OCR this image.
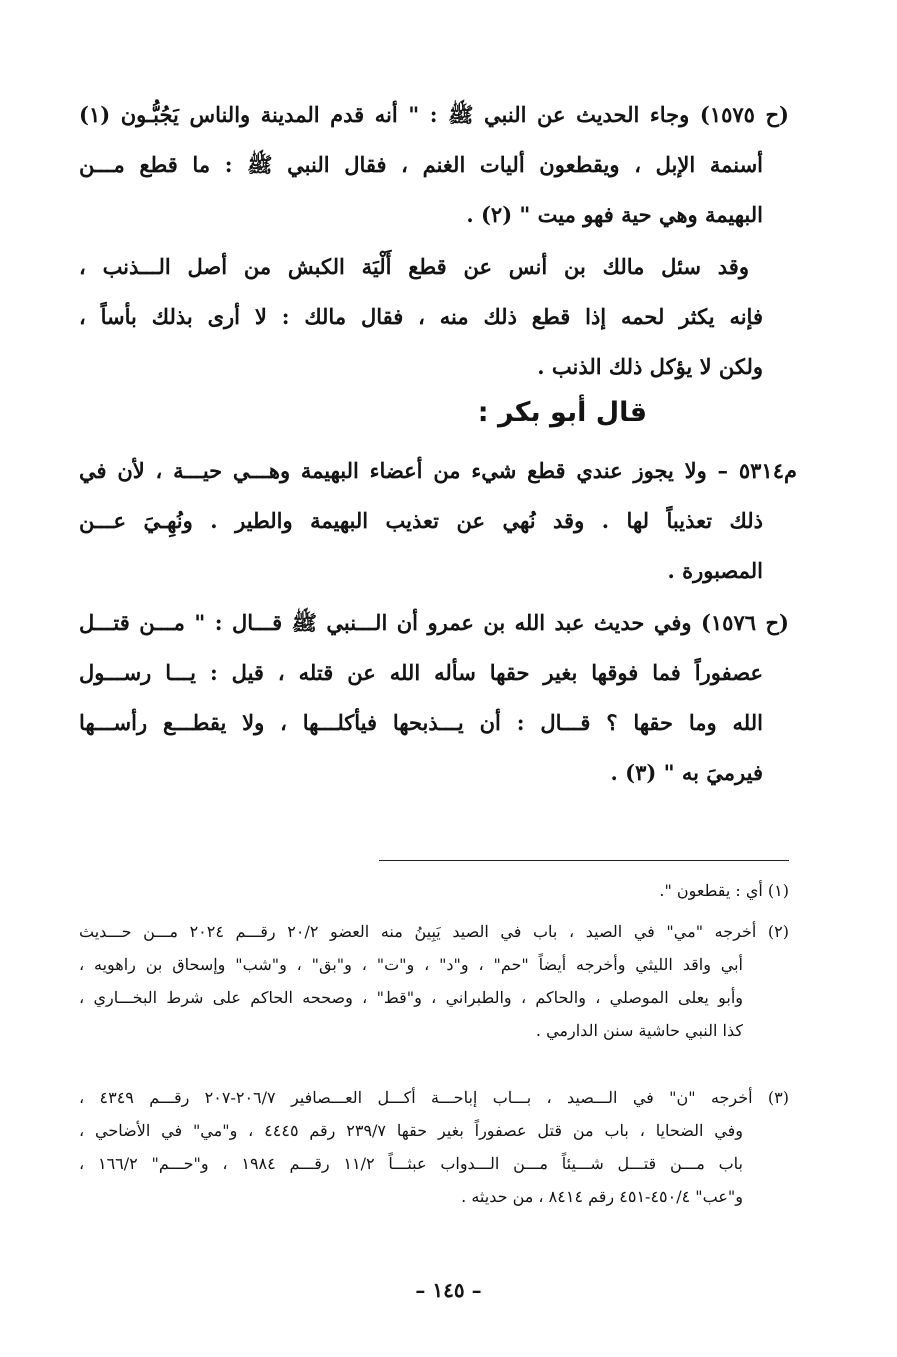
(ح ١٥٧٥) وجاء الحديث عن النبي ﷺ : " أنه قدم المدينة والناس يَجُبُّـون (١)
أسنمة الإبل ، ويقطعون أليات الغنم ، فقال النبي ﷺ : ما قطع مـــن
البهيمة وهي حية فهو ميت " (٢) .
وقد سئل مالك بن أنس عن قطع أَلْيَة الكبش من أصل الـــذنب ،
فإنه يكثر لحمه إذا قطع ذلك منه ، فقال مالك : لا أرى بذلك بأساً ،
ولكن لا يؤكل ذلك الذنب .
قال أبو بكر :
م٥٣١٤ – ولا يجوز عندي قطع شيء من أعضاء البهيمة وهـــي حيـــة ، لأن في
ذلك تعذيباً لها . وقد نُهي عن تعذيب البهيمة والطير . ونُهِـيَ عـــن
المصبورة .
(ح ١٥٧٦) وفي حديث عبد الله بن عمرو أن الـــنبي ﷺ قـــال : " مـــن قتـــل
عصفوراً فما فوقها بغير حقها سأله الله عن قتله ، قيل : يـــا رســـول
الله وما حقها ؟ قـــال : أن يـــذبحها فيأكلـــها ، ولا يقطـــع رأســـها
فيرميَ به " (٣) .
(١) أي : يقطعون ".
(٢) أخرجه "مي" في الصيد ، باب في الصيد يَبِينُ منه العضو ٢٠/٢ رقـــم ٢٠٢٤ مـــن حـــديث
أبي واقد الليثي وأخرجه أيضاً "حم" ، و"د" ، و"ت" ، و"بق" ، و"شب" وإسحاق بن راهويه ،
وأبو يعلى الموصلي ، والحاكم ، والطبراني ، و"قط" ، وصححه الحاكم على شرط البخـــاري ،
كذا النبي حاشية سنن الدارمي .
(٣) أخرجه "ن" في الـــصيد ، بـــاب إباحـــة أكـــل العـــصافير ٢٠٦/٧-٢٠٧ رقـــم ٤٣٤٩ ،
وفي الضحايا ، باب من قتل عصفوراً بغير حقها ٢٣٩/٧ رقم ٤٤٤٥ ، و"مي" في الأضاحي ،
باب مـــن قتـــل شـــيئاً مـــن الـــدواب عبثـــاً ١١/٢ رقـــم ١٩٨٤ ، و"حـــم" ١٦٦/٢ ،
و"عب" ٤٥٠/٤-٤٥١ رقم ٨٤١٤ ، من حديثه .
– ١٤٥ –
